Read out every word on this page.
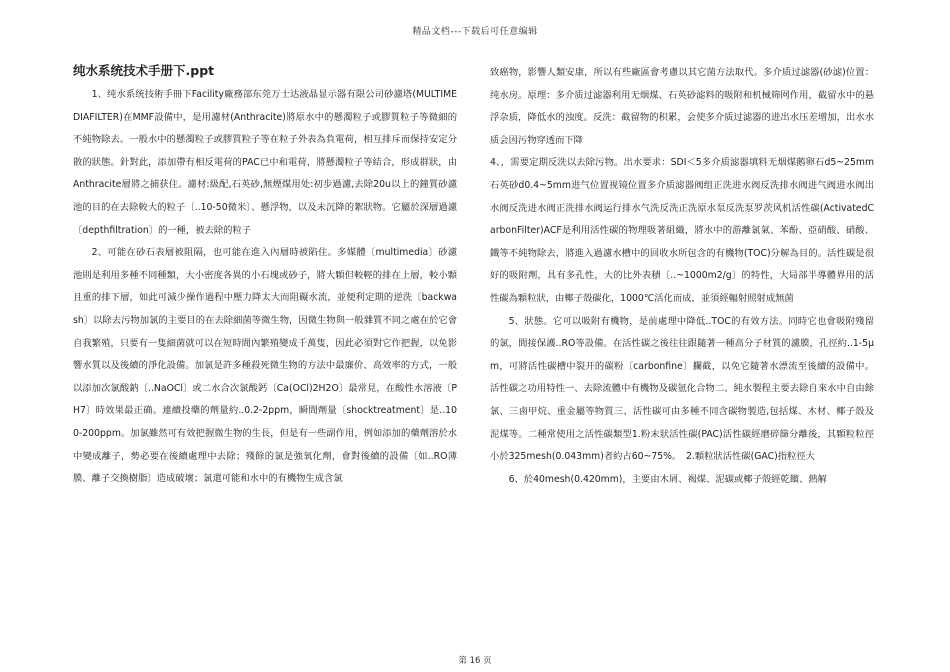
精品文档---下载后可任意编辑
纯水系统技术手册下.ppt

1、纯水系统技術手冊下Facility廠務部东莞万士达液晶显示器有限公司砂濾塔(MULTIMEDIAFILTER)在MMF設備中，是用濾材(Anthracite)將原水中的懸濁粒子或膠質粒子等微細的不純物除去。一般水中的懸濁粒子或膠質粒子等在粒子外表為負電荷，相互排斥而保持安定分散的狀態。針對此，添加帶有相反電荷的PAC已中和電荷，將懸濁粒子等結合，形成群狀，由Anthracite層將之捕获住。濾材:級配,石英砂,無煙煤用处:初步過濾,去除20u以上的鐘質砂濾池的目的在去除較大的粒子〔..10-50微米〕、懸浮物，以及未沉降的絮狀物。它屬於深層過濾〔depthfiltration〕的一種，被去除的粒子

2、可能在砂石表層被阻隔，也可能在進入內層時被陷住。多媒體〔multimedia〕砂濾池則是利用多種不同種類，大小密度各異的小石塊或砂子，將大顆但較輕的排在上層，較小顆且重的排下層，如此可減少操作過程中壓力降太大而阻礙水流，並便利定期的逆洗〔backwash〕以除去污物加氯的主要目的在去除細菌等微生物，因微生物與一般雜質不同之處在於它會自我繁殖，只要有一隻細菌就可以在短時間內繁殖變成千萬隻，因此必須對它作把握，以免影響水質以及後續的淨化設備。加氯是許多種殺死微生物的方法中最廉价、高效率的方式，一般以添加次氯酸鈉〔..NaOCl〕或二水合次氯酸鈣〔Ca(OCl)2H2O〕最常見，在酸性水溶液〔PH7〕時效果最正确。連續投藥的劑量約..0.2-2ppm，瞬間劑量〔shocktreatment〕是..100-200ppm。加氯雖然可有效把握微生物的生長，但是有一些副作用，例如添加的藥劑溶於水中變成離子，勢必要在後續處理中去除；殘餘的氯是強氧化劑，會對後續的設備〔如..RO薄膜、離子交換樹脂〕造成破壞；氯還可能和水中的有機物生成含氯

致癌物，影響人類安康，所以有些廠區會考慮以其它菌方法取代。多介质过滤器(砂滤)位置：纯水房。原理：多介质过滤器利用无烟煤、石英砂滤料的吸附和机械筛网作用，截留水中的悬浮杂质，降低水的浊度。反洗：截留物的积累，会使多介质过滤器的进出水压差增加，出水水质会因污物穿透而下降

4、，需要定期反洗以去除污物。出水要求：SDI＜5多介质滤器填料无烟煤鹅卵石d5~25mm石英砂d0.4~5mm进气位置视镜位置多介质滤器阀组正洗进水阀反洗排水阀进气阀进水阀出水阀反洗进水阀正洗排水阀运行排水气洗反洗正洗原水泵反洗泵罗茨风机活性碳(ActivatedCarbonFilter)ACF是利用活性碳的物理吸著組織，將水中的游離氯氣、苯酚、亞硝酸、硝酸、鐵等不純物除去，將進入過濾水槽中的回收水所包含的有機物(TOC)分解為目的。活性碳是很好的吸附劑，具有多孔性，大的比外表積〔..~1000m2/g〕的特性，大局部半導體界用的活性碳為顆粒狀，由椰子殼碳化，1000℃活化而成，並須經輻射照射成無菌

5、狀態。它可以吸附有機物，是前處理中降低..TOC的有效方法。同時它也會吸附殘留的氯，間接保護..RO等設備。在活性碳之後往往跟隨著一種高分子材質的濾膜，孔徑約..1-5μm，可將活性碳槽中裂开的碳粉〔carbonfine〕攔截，以免它隨著水漂流至後續的設備中。活性碳之功用特性一、去除流體中有機物及碳氫化合物二、純水製程主要去除自來水中自由餘氯、三鹵甲烷、重金屬等物質三、活性碳可由多種不同含碳物製造,包括煤、木材、椰子殼及泥煤等。二種常使用之活性碳類型1.粉末狀活性碳(PAC)活性碳經磨碎篩分離後，其顆粒粒徑小於325mesh(0.043mm)者約占60~75%。　2.顆粒狀活性碳(GAC)指粒徑大

6、於40mesh(0.420mm)，主要由木屑、褐煤、泥碳或椰子殼經乾餾、熱解

第 16 页
